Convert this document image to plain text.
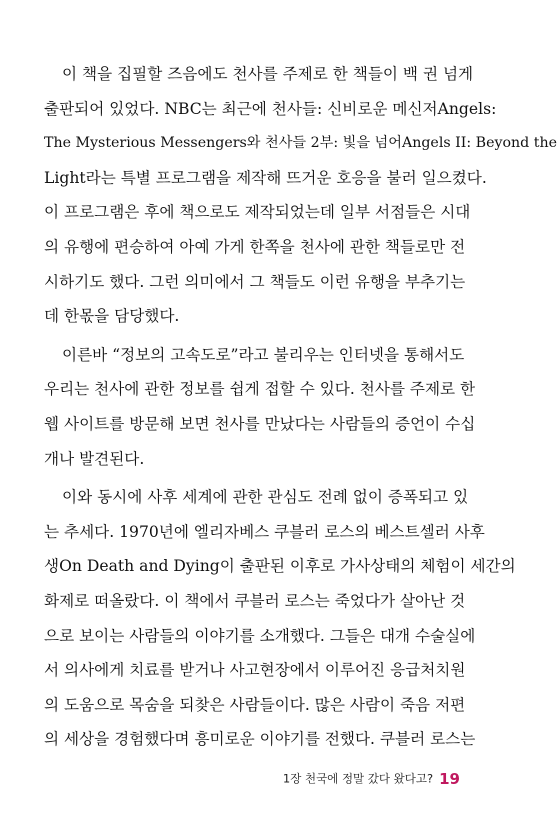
이 책을 집필할 즈음에도 천사를 주제로 한 책들이 백 권 넘게
출판되어 있었다. NBC는 최근에 천사들: 신비로운 메신저Angels:
The Mysterious Messengers와 천사들 2부: 빛을 넘어Angels II: Beyond the
Light라는 특별 프로그램을 제작해 뜨거운 호응을 불러 일으켰다.
이 프로그램은 후에 책으로도 제작되었는데 일부 서점들은 시대
의 유행에 편승하여 아예 가게 한쪽을 천사에 관한 책들로만 전
시하기도 했다. 그런 의미에서 그 책들도 이런 유행을 부추기는
데 한몫을 담당했다.
이른바 “정보의 고속도로”라고 불리우는 인터넷을 통해서도
우리는 천사에 관한 정보를 쉽게 접할 수 있다. 천사를 주제로 한
웹 사이트를 방문해 보면 천사를 만났다는 사람들의 증언이 수십
개나 발견된다.
이와 동시에 사후 세계에 관한 관심도 전례 없이 증폭되고 있
는 추세다. 1970년에 엘리자베스 쿠블러 로스의 베스트셀러 사후
생On Death and Dying이 출판된 이후로 가사상태의 체험이 세간의
화제로 떠올랐다. 이 책에서 쿠블러 로스는 죽었다가 살아난 것
으로 보이는 사람들의 이야기를 소개했다. 그들은 대개 수술실에
서 의사에게 치료를 받거나 사고현장에서 이루어진 응급처치원
의 도움으로 목숨을 되찾은 사람들이다. 많은 사람이 죽음 저편
의 세상을 경험했다며 흥미로운 이야기를 전했다. 쿠블러 로스는
1장 천국에 정말 갔다 왔다고? 19
